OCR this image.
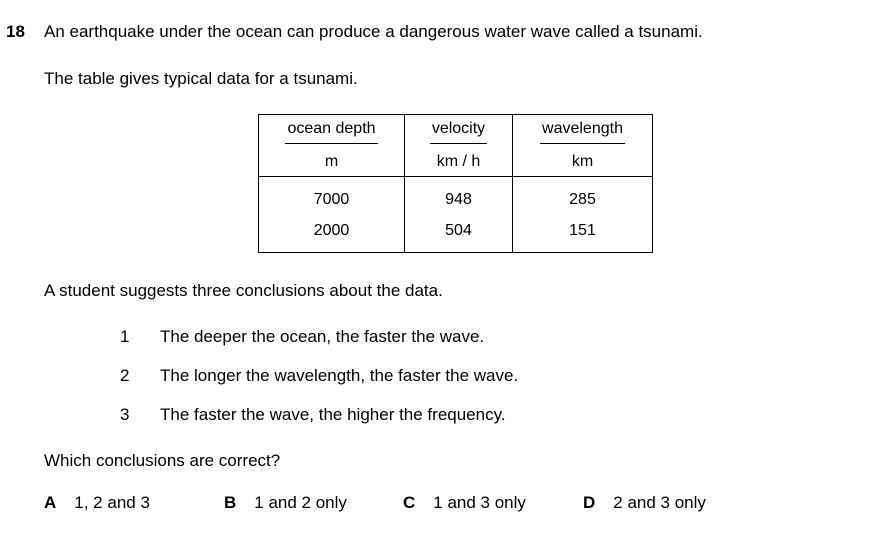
18 An earthquake under the ocean can produce a dangerous water wave called a tsunami.
The table gives typical data for a tsunami.
$\frac{\text{ocean depth}}{m}$	$\frac{\text{velocity}}{km / h}$	$\frac{\text{wavelength}}{km}$

7000	948	285
2000	504	151
A student suggests three conclusions about the data.
1 The deeper the ocean, the faster the wave.
2 The longer the wavelength, the faster the wave.
3 The faster the wave, the higher the frequency.
Which conclusions are correct?
A 1, 2 and 3	B 1 and 2 only	C 1 and 3 only	D 2 and 3 only
